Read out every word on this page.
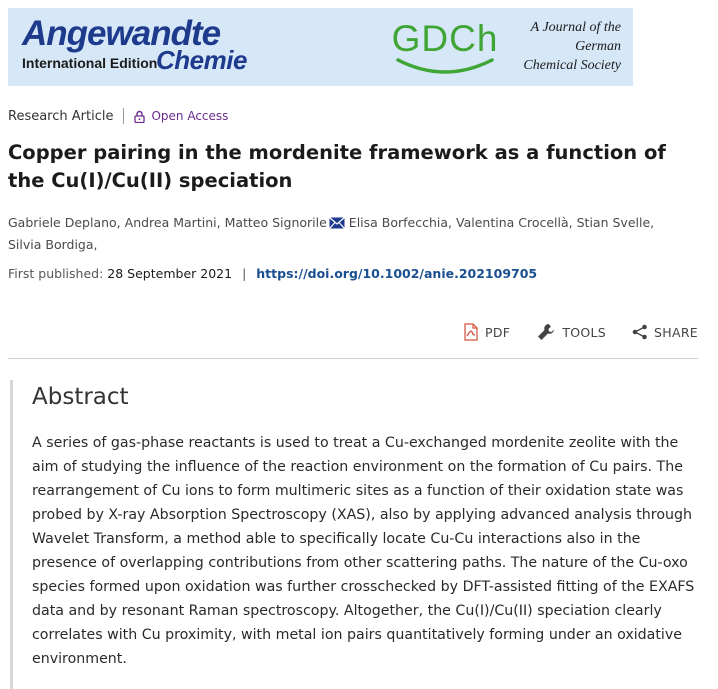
Angewandte
International Edition
Chemie
GDCh	A Journal of the
German
Chemical Society
Research Article	Open Access
Copper pairing in the mordenite framework as a function of the Cu(I)/Cu(II) speciation
Gabriele Deplano, Andrea Martini, Matteo Signorile Elisa Borfecchia, Valentina Crocellà, Stian Svelle,
Silvia Bordiga,
First published: 28 September 2021 | https://doi.org/10.1002/anie.202109705
PDF	TOOLS	SHARE
Abstract

A series of gas-phase reactants is used to treat a Cu-exchanged mordenite zeolite with the aim of studying the influence of the reaction environment on the formation of Cu pairs. The rearrangement of Cu ions to form multimeric sites as a function of their oxidation state was probed by X-ray Absorption Spectroscopy (XAS), also by applying advanced analysis through Wavelet Transform, a method able to specifically locate Cu-Cu interactions also in the presence of overlapping contributions from other scattering paths. The nature of the Cu-oxo species formed upon oxidation was further crosschecked by DFT-assisted fitting of the EXAFS data and by resonant Raman spectroscopy. Altogether, the Cu(I)/Cu(II) speciation clearly correlates with Cu proximity, with metal ion pairs quantitatively forming under an oxidative environment.
